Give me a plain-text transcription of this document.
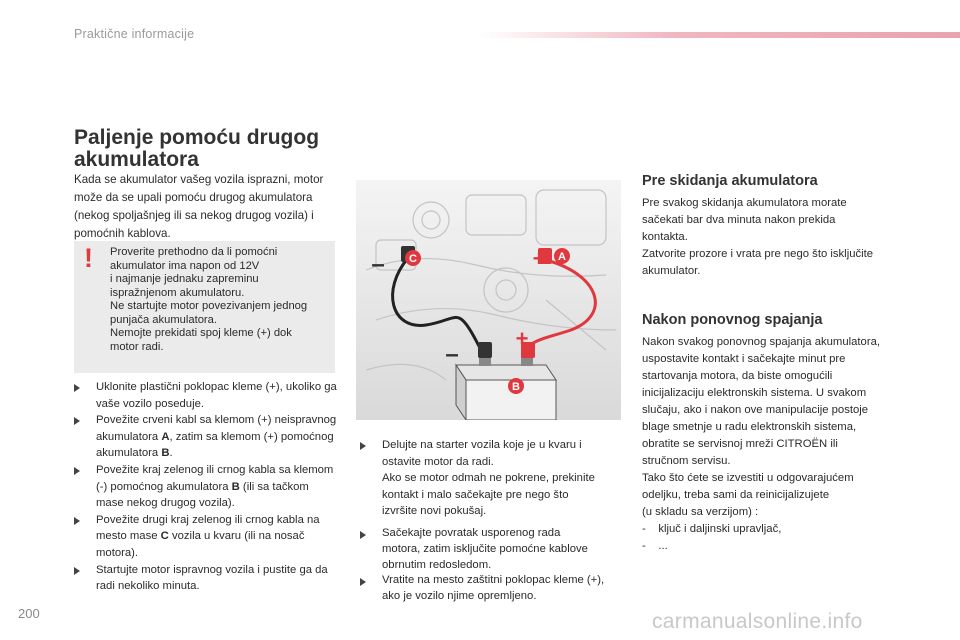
Praktične informacije
Paljenje pomoću drugog akumulatora
Kada se akumulator vašeg vozila isprazni, motor može da se upali pomoću drugog akumulatora (nekog spoljašnjeg ili sa nekog drugog vozila) i pomoćnih kablova.
! Proverite prethodno da li pomoćni
akumulator ima napon od 12V
i najmanje jednaku zapreminu
ispražnjenom akumulatoru.
Ne startujte motor povezivanjem jednog
punjača akumulatora.
Nemojte prekidati spoj kleme (+) dok
motor radi.
Uklonite plastični poklopac kleme (+), ukoliko ga vaše vozilo poseduje.
Povežite crveni kabl sa klemom (+) neispravnog akumulatora A, zatim sa klemom (+) pomoćnog akumulatora B.
Povežite kraj zelenog ili crnog kabla sa klemom (-) pomoćnog akumulatora B (ili sa tačkom mase nekog drugog vozila).
Povežite drugi kraj zelenog ili crnog kabla na mesto mase C vozila u kvaru (ili na nosač motora).
Startujte motor ispravnog vozila i pustite ga da radi nekoliko minuta.
A
C
B
+
+
–
–
Delujte na starter vozila koje je u kvaru i
ostavite motor da radi.
Ako se motor odmah ne pokrene, prekinite
kontakt i malo sačekajte pre nego što
izvršite novi pokušaj.
Sačekajte povratak usporenog rada
motora, zatim isključite pomoćne kablove
obrnutim redosledom.
Vratite na mesto zaštitni poklopac kleme (+),
ako je vozilo njime opremljeno.
Pre skidanja akumulatora
Pre svakog skidanja akumulatora morate
sačekati bar dva minuta nakon prekida
kontakta.
Zatvorite prozore i vrata pre nego što isključite
akumulator.
Nakon ponovnog spajanja
Nakon svakog ponovnog spajanja akumulatora,
uspostavite kontakt i sačekajte minut pre
startovanja motora, da biste omogućili
inicijalizaciju elektronskih sistema. U svakom
slučaju, ako i nakon ove manipulacije postoje
blage smetnje u radu elektronskih sistema,
obratite se servisnoj mreži CITROËN ili
stručnom servisu.
Tako što ćete se izvestiti u odgovarajućem
odeljku, treba sami da reinicijalizujete
(u skladu sa verzijom) :
-    ključ i daljinski upravljač,
-    ...
200	carmanualsonline.info
